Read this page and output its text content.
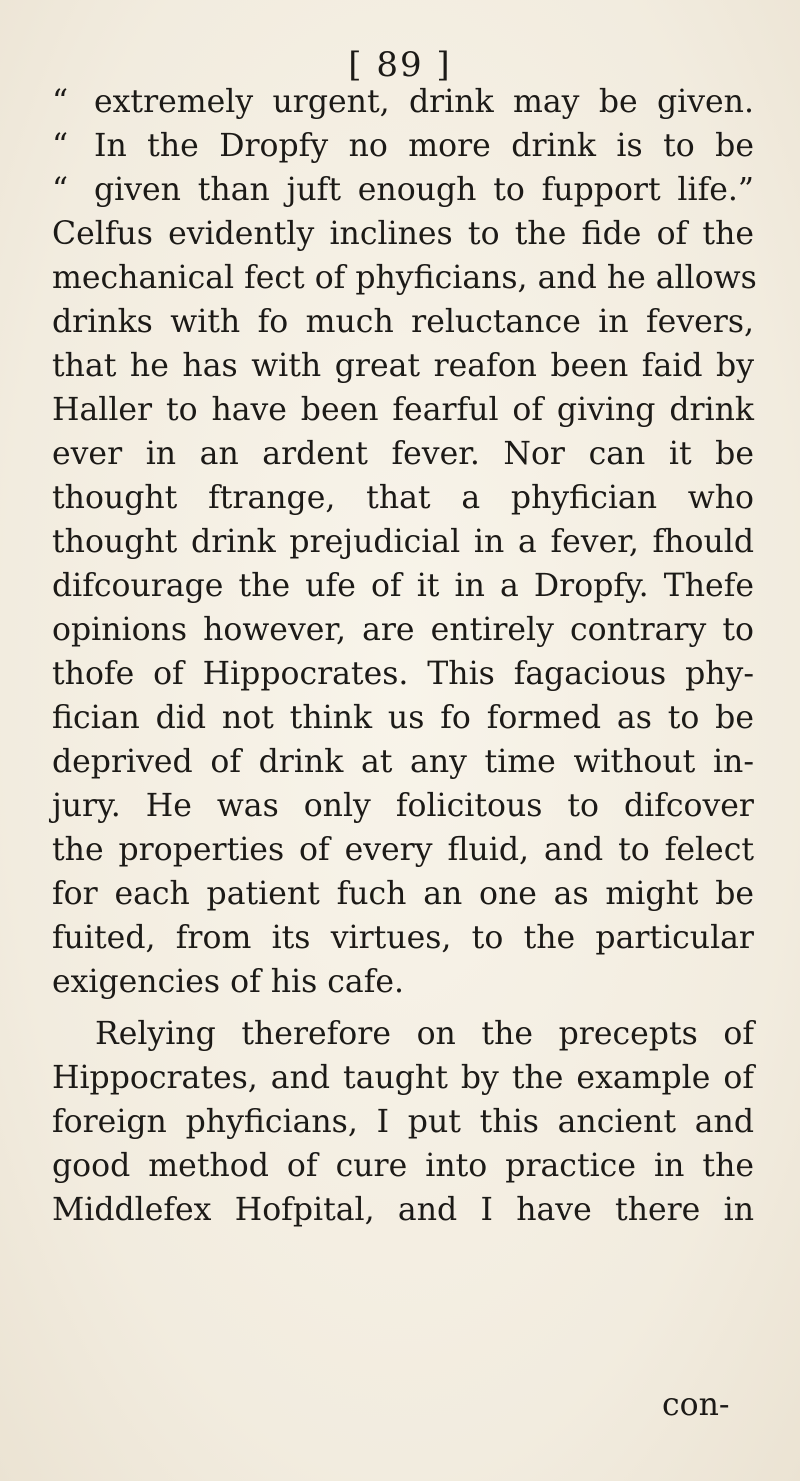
[ 89 ]
“ extremely urgent, drink may be given.
“ In the Dropfy no more drink is to be
“ given than juft enough to fupport life.”
Celfus evidently inclines to the fide of the
mechanical fect of phyficians, and he allows
drinks with fo much reluctance in fevers,
that he has with great reafon been faid by
Haller to have been fearful of giving drink
ever in an ardent fever. Nor can it be
thought ftrange, that a phyfician who
thought drink prejudicial in a fever, fhould
difcourage the ufe of it in a Dropfy. Thefe
opinions however, are entirely contrary to
thofe of Hippocrates. This fagacious phy-
fician did not think us fo formed as to be
deprived of drink at any time without in-
jury. He was only folicitous to difcover
the properties of every fluid, and to felect
for each patient fuch an one as might be
fuited, from its virtues, to the particular
exigencies of his cafe.
Relying therefore on the precepts of
Hippocrates, and taught by the example of
foreign phyficians, I put this ancient and
good method of cure into practice in the
Middlefex Hofpital, and I have there in
con-
